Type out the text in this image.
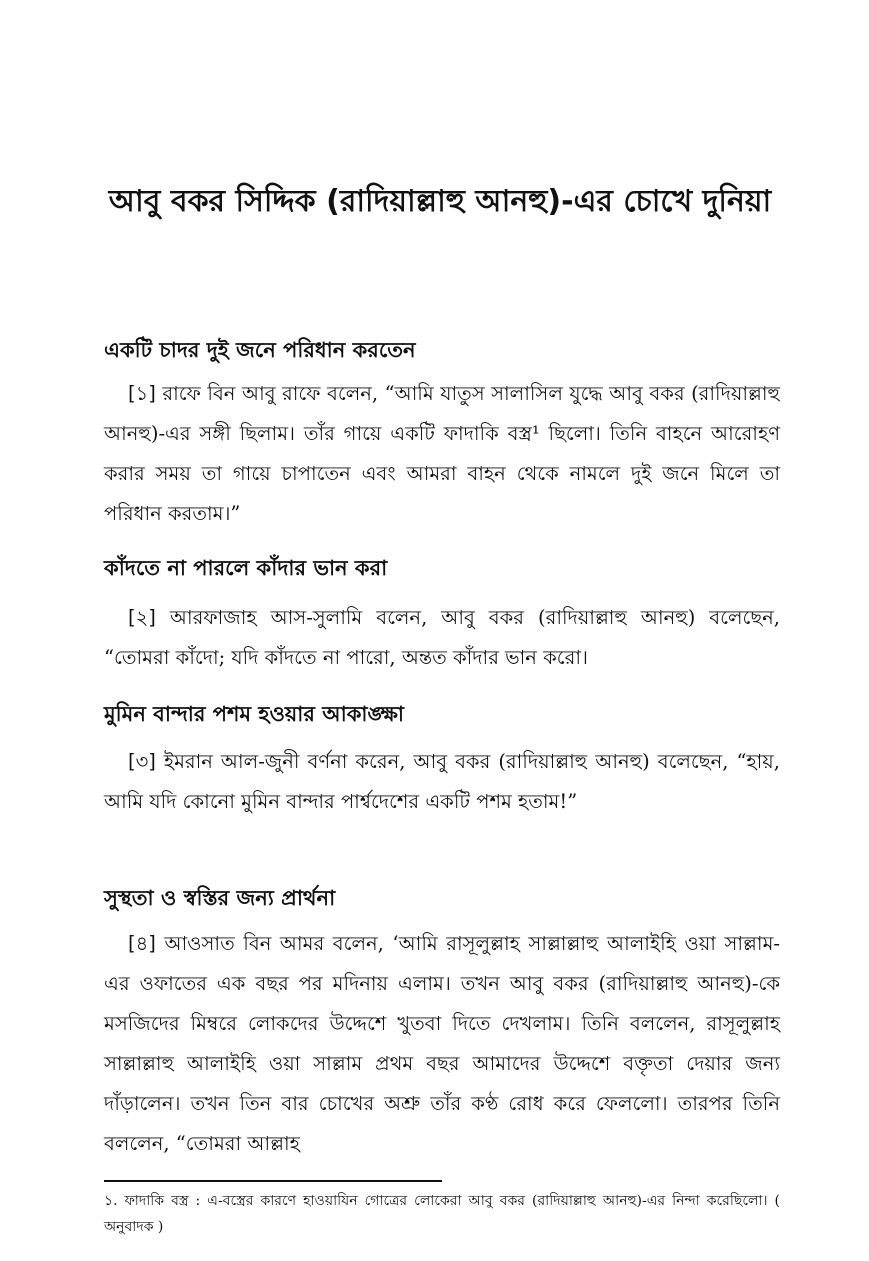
আবু বকর সিদ্দিক (রাদিয়াল্লাহু আনহু)-এর চোখে দুনিয়া
একটি চাদর দুই জনে পরিধান করতেন
[১] রাফে বিন আবু রাফে বলেন, “আমি যাতুস সালাসিল যুদ্ধে আবু বকর (রাদিয়াল্লাহু আনহু)-এর সঙ্গী ছিলাম। তাঁর গায়ে একটি ফাদাকি বস্ত্র¹ ছিলো। তিনি বাহনে আরোহণ করার সময় তা গায়ে চাপাতেন এবং আমরা বাহন থেকে নামলে দুই জনে মিলে তা পরিধান করতাম।”
কাঁদতে না পারলে কাঁদার ভান করা
[২] আরফাজাহ আস-সুলামি বলেন, আবু বকর (রাদিয়াল্লাহু আনহু) বলেছেন, “তোমরা কাঁদো; যদি কাঁদতে না পারো, অন্তত কাঁদার ভান করো।
মুমিন বান্দার পশম হওয়ার আকাঙ্ক্ষা
[৩] ইমরান আল-জুনী বর্ণনা করেন, আবু বকর (রাদিয়াল্লাহু আনহু) বলেছেন, “হায়, আমি যদি কোনো মুমিন বান্দার পার্শ্বদেশের একটি পশম হতাম!”
সুস্থতা ও স্বস্তির জন্য প্রার্থনা
[৪] আওসাত বিন আমর বলেন, ‘আমি রাসূলুল্লাহ সাল্লাল্লাহু আলাইহি ওয়া সাল্লাম-এর ওফাতের এক বছর পর মদিনায় এলাম। তখন আবু বকর (রাদিয়াল্লাহু আনহু)-কে মসজিদের মিম্বরে লোকদের উদ্দেশে খুতবা দিতে দেখলাম। তিনি বললেন, রাসূলুল্লাহ সাল্লাল্লাহু আলাইহি ওয়া সাল্লাম প্রথম বছর আমাদের উদ্দেশে বক্তৃতা দেয়ার জন্য দাঁড়ালেন। তখন তিন বার চোখের অশ্রু তাঁর কণ্ঠ রোধ করে ফেললো। তারপর তিনি বললেন, “তোমরা আল্লাহ
১. ফাদাকি বস্ত্র : এ-বস্ত্রের কারণে হাওয়াযিন গোত্রের লোকেরা আবু বকর (রাদিয়াল্লাহু আনহু)-এর নিন্দা করেছিলো। ( অনুবাদক )
